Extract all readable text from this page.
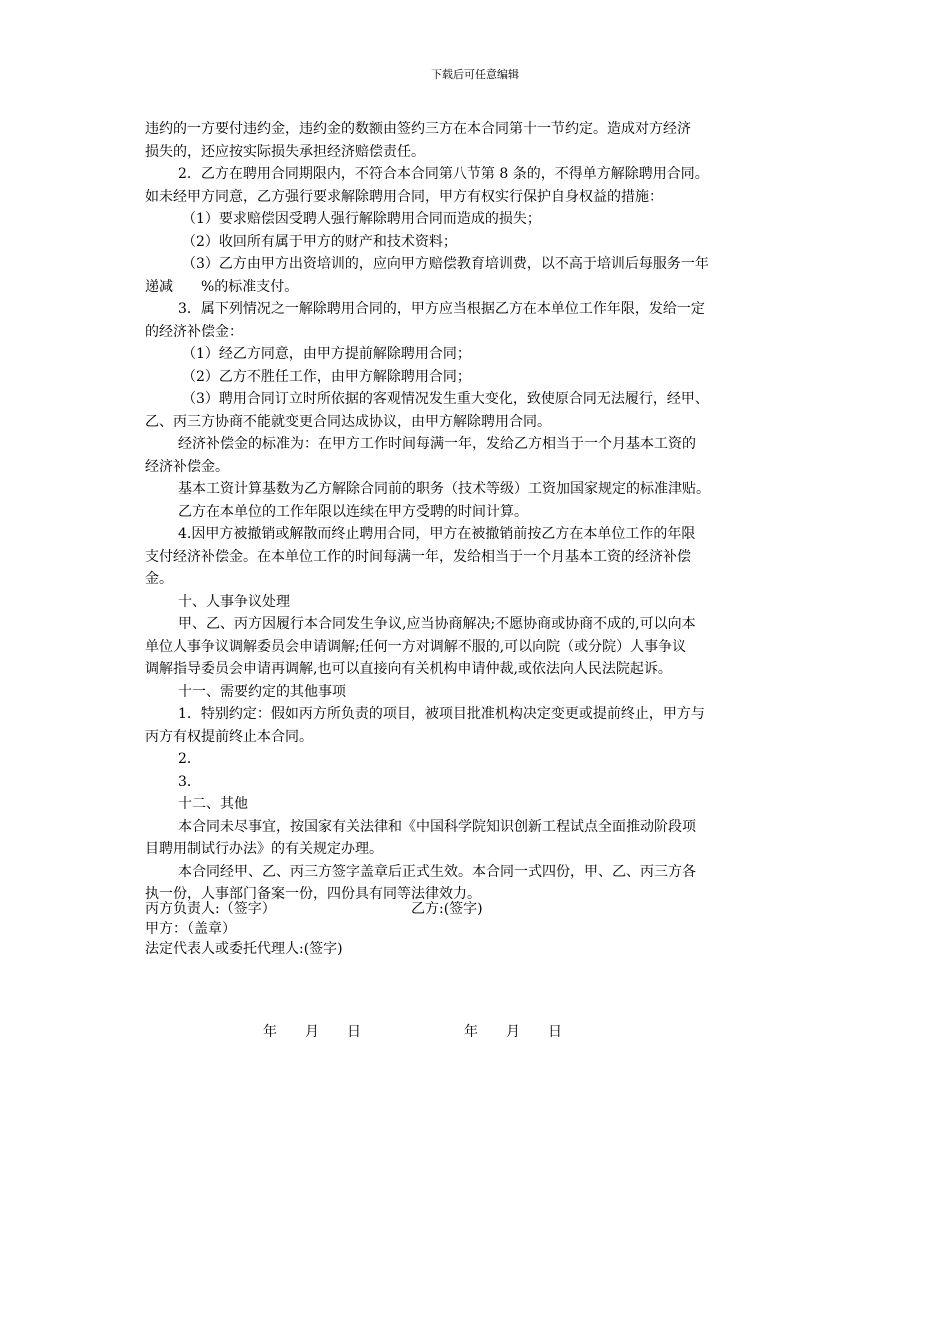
下载后可任意编辑

违约的一方要付违约金，违约金的数额由签约三方在本合同第十一节约定。造成对方经济

损失的，还应按实际损失承担经济赔偿责任。

2．乙方在聘用合同期限内，不符合本合同第八节第 8 条的，不得单方解除聘用合同。

如未经甲方同意，乙方强行要求解除聘用合同，甲方有权实行保护自身权益的措施：

（1）要求赔偿因受聘人强行解除聘用合同而造成的损失；

（2）收回所有属于甲方的财产和技术资料；

（3）乙方由甲方出资培训的，应向甲方赔偿教育培训费，以不高于培训后每服务一年

递减　　%的标准支付。

3．属下列情况之一解除聘用合同的，甲方应当根据乙方在本单位工作年限，发给一定

的经济补偿金：

（1）经乙方同意，由甲方提前解除聘用合同；

（2）乙方不胜任工作，由甲方解除聘用合同；

（3）聘用合同订立时所依据的客观情况发生重大变化，致使原合同无法履行，经甲、

乙、丙三方协商不能就变更合同达成协议，由甲方解除聘用合同。

经济补偿金的标准为：在甲方工作时间每满一年，发给乙方相当于一个月基本工资的

经济补偿金。

基本工资计算基数为乙方解除合同前的职务（技术等级）工资加国家规定的标准津贴。

乙方在本单位的工作年限以连续在甲方受聘的时间计算。

4.因甲方被撤销或解散而终止聘用合同，甲方在被撤销前按乙方在本单位工作的年限

支付经济补偿金。在本单位工作的时间每满一年，发给相当于一个月基本工资的经济补偿

金。

十、人事争议处理

甲、乙、丙方因履行本合同发生争议,应当协商解决;不愿协商或协商不成的,可以向本

单位人事争议调解委员会申请调解;任何一方对调解不服的,可以向院（或分院）人事争议

调解指导委员会申请再调解,也可以直接向有关机构申请仲裁,或依法向人民法院起诉。

十一、需要约定的其他事项

1．特别约定：假如丙方所负责的项目，被项目批准机构决定变更或提前终止，甲方与

丙方有权提前终止本合同。

2．

3．

十二、其他

本合同未尽事宜，按国家有关法律和《中国科学院知识创新工程试点全面推动阶段项

目聘用制试行办法》的有关规定办理。

本合同经甲、乙、丙三方签字盖章后正式生效。本合同一式四份，甲、乙、丙三方各

执一份，人事部门备案一份，四份具有同等法律效力。

丙方负责人:（签字）	乙方:(签字)
甲方：（盖章）
法定代表人或委托代理人:(签字)
年　　月　　日	年　　月　　日
